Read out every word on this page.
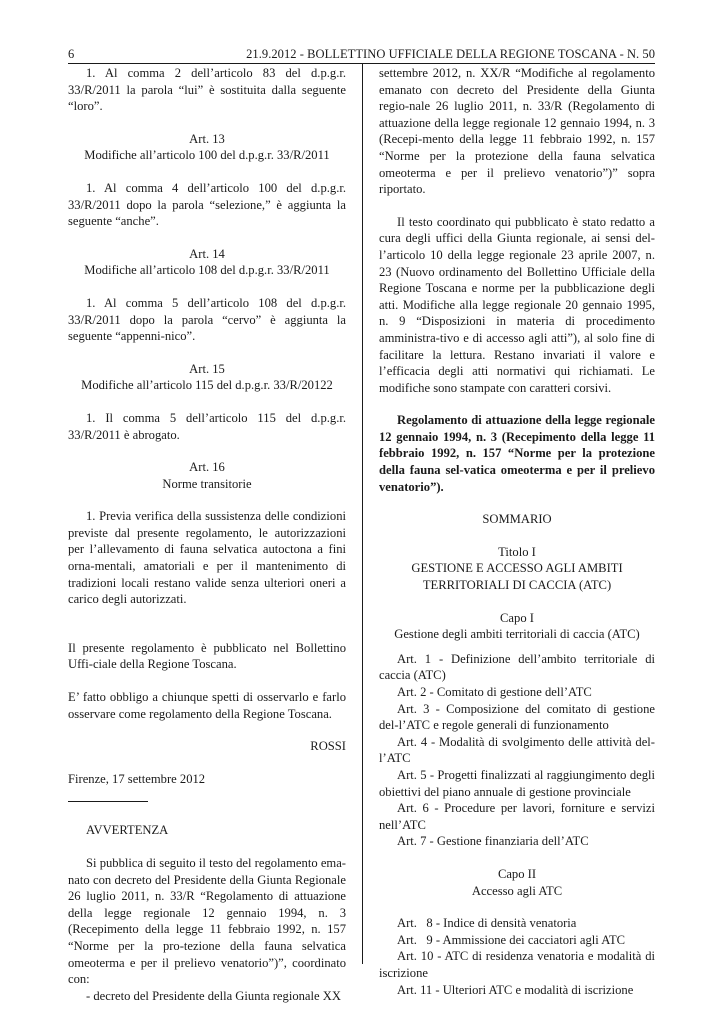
6	21.9.2012 - BOLLETTINO UFFICIALE DELLA REGIONE TOSCANA - N. 50

1. Al comma 2 dell’articolo 83 del d.p.g.r. 33/R/2011 la parola “lui” è sostituita dalla seguente “loro”.

Art. 13

Modifiche all’articolo 100 del d.p.g.r. 33/R/2011

1. Al comma 4 dell’articolo 100 del d.p.g.r. 33/R/2011 dopo la parola “selezione,” è aggiunta la seguente “anche”.

Art. 14

Modifiche all’articolo 108 del d.p.g.r. 33/R/2011

1. Al comma 5 dell’articolo 108 del d.p.g.r. 33/R/2011 dopo la parola “cervo” è aggiunta la seguente “appenni-nico”.

Art. 15

Modifiche all’articolo 115 del d.p.g.r. 33/R/20122

1. Il comma 5 dell’articolo 115 del d.p.g.r. 33/R/2011 è abrogato.

Art. 16

Norme transitorie

1. Previa verifica della sussistenza delle condizioni previste dal presente regolamento, le autorizzazioni per l’allevamento di fauna selvatica autoctona a fini orna-mentali, amatoriali e per il mantenimento di tradizioni locali restano valide senza ulteriori oneri a carico degli autorizzati.

Il presente regolamento è pubblicato nel Bollettino Uffi-ciale della Regione Toscana.

E’ fatto obbligo a chiunque spetti di osservarlo e farlo osservare come regolamento della Regione Toscana.

ROSSI

Firenze, 17 settembre 2012

AVVERTENZA

Si pubblica di seguito il testo del regolamento ema-nato con decreto del Presidente della Giunta Regionale 26 luglio 2011, n. 33/R “Regolamento di attuazione della legge regionale 12 gennaio 1994, n. 3 (Recepimento della legge 11 febbraio 1992, n. 157 “Norme per la pro-tezione della fauna selvatica omeoterma e per il prelievo venatorio”)”, coordinato con:

- decreto del Presidente della Giunta regionale XX

settembre 2012, n. XX/R “Modifiche al regolamento emanato con decreto del Presidente della Giunta regio-nale 26 luglio 2011, n. 33/R (Regolamento di attuazione della legge regionale 12 gennaio 1994, n. 3 (Recepi-mento della legge 11 febbraio 1992, n. 157 “Norme per la protezione della fauna selvatica omeoterma e per il prelievo venatorio”)” sopra riportato.

Il testo coordinato qui pubblicato è stato redatto a cura degli uffici della Giunta regionale, ai sensi del-l’articolo 10 della legge regionale 23 aprile 2007, n. 23 (Nuovo ordinamento del Bollettino Ufficiale della Regione Toscana e norme per la pubblicazione degli atti. Modifiche alla legge regionale 20 gennaio 1995, n. 9 “Disposizioni in materia di procedimento amministra-tivo e di accesso agli atti”), al solo fine di facilitare la lettura. Restano invariati il valore e l’efficacia degli atti normativi qui richiamati. Le modifiche sono stampate con caratteri corsivi.

Regolamento di attuazione della legge regionale 12 gennaio 1994, n. 3 (Recepimento della legge 11 febbraio 1992, n. 157 “Norme per la protezione della fauna sel-vatica omeoterma e per il prelievo venatorio”).

SOMMARIO

Titolo I

GESTIONE E ACCESSO AGLI AMBITI TERRITORIALI DI CACCIA (ATC)

Capo I

Gestione degli ambiti territoriali di caccia (ATC)

Art. 1 - Definizione dell’ambito territoriale di caccia (ATC)

Art. 2 - Comitato di gestione dell’ATC

Art. 3 - Composizione del comitato di gestione del-l’ATC e regole generali di funzionamento

Art. 4 - Modalità di svolgimento delle attività del-l’ATC

Art. 5 - Progetti finalizzati al raggiungimento degli obiettivi del piano annuale di gestione provinciale

Art. 6 - Procedure per lavori, forniture e servizi nell’ATC

Art. 7 - Gestione finanziaria dell’ATC

Capo II

Accesso agli ATC

Art.   8 - Indice di densità venatoria

Art.   9 - Ammissione dei cacciatori agli ATC

Art. 10 - ATC di residenza venatoria e modalità di iscrizione

Art. 11 - Ulteriori ATC e modalità di iscrizione
